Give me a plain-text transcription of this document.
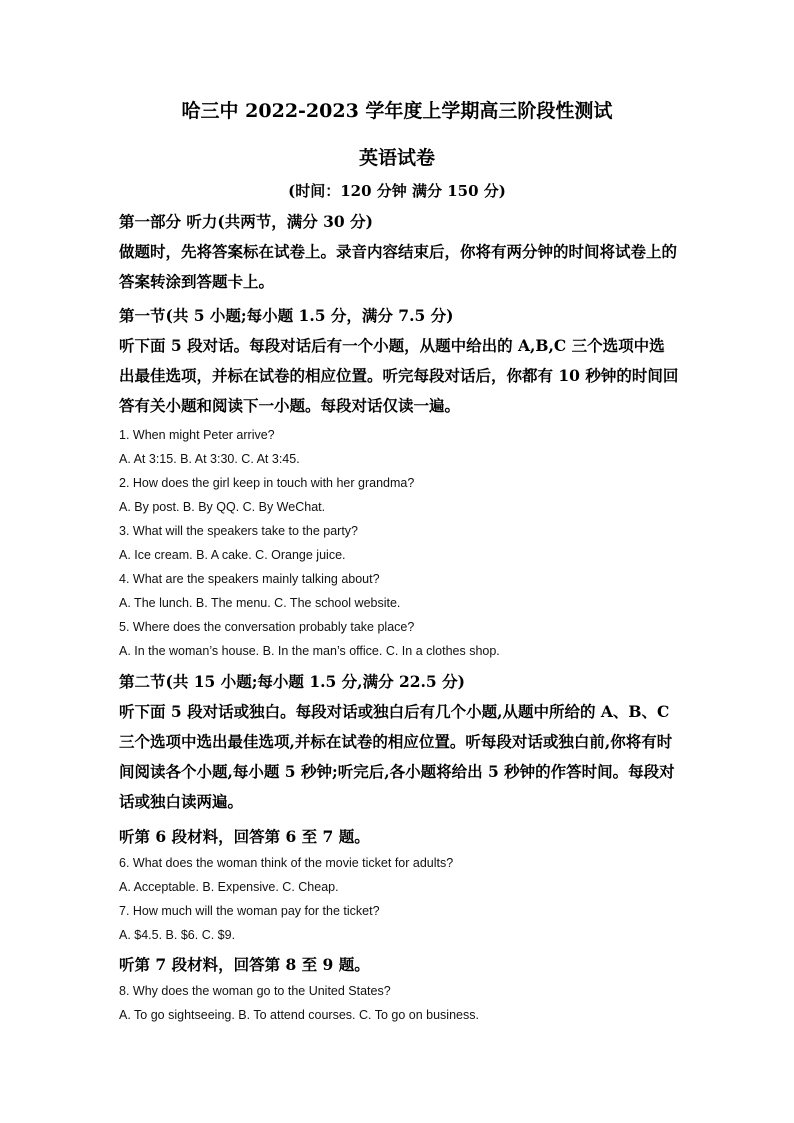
哈三中 2022-2023 学年度上学期高三阶段性测试
英语试卷
(时间：120 分钟 满分 150 分)
第一部分 听力(共两节，满分 30 分)
做题时，先将答案标在试卷上。录音内容结束后，你将有两分钟的时间将试卷上的答案转涂到答题卡上。
第一节(共 5 小题;每小题 1.5 分，满分 7.5 分)
听下面 5 段对话。每段对话后有一个小题，从题中给出的 A,B,C 三个选项中选出最佳选项，并标在试卷的相应位置。听完每段对话后，你都有 10 秒钟的时间回答有关小题和阅读下一小题。每段对话仅读一遍。
1. When might Peter arrive?
A. At 3:15. B. At 3:30. C. At 3:45.
2. How does the girl keep in touch with her grandma?
A. By post. B. By QQ. C. By WeChat.
3. What will the speakers take to the party?
A. Ice cream. B. A cake. C. Orange juice.
4. What are the speakers mainly talking about?
A. The lunch. B. The menu. C. The school website.
5. Where does the conversation probably take place?
A. In the woman’s house. B. In the man’s office. C. In a clothes shop.
第二节(共 15 小题;每小题 1.5 分,满分 22.5 分)
听下面 5 段对话或独白。每段对话或独白后有几个小题,从题中所给的 A、B、C 三个选项中选出最佳选项,并标在试卷的相应位置。听每段对话或独白前,你将有时间阅读各个小题,每小题 5 秒钟;听完后,各小题将给出 5 秒钟的作答时间。每段对话或独白读两遍。
听第 6 段材料，回答第 6 至 7 题。
6. What does the woman think of the movie ticket for adults?
A. Acceptable. B. Expensive. C. Cheap.
7. How much will the woman pay for the ticket?
A. $4.5. B. $6. C. $9.
听第 7 段材料，回答第 8 至 9 题。
8. Why does the woman go to the United States?
A. To go sightseeing. B. To attend courses. C. To go on business.
